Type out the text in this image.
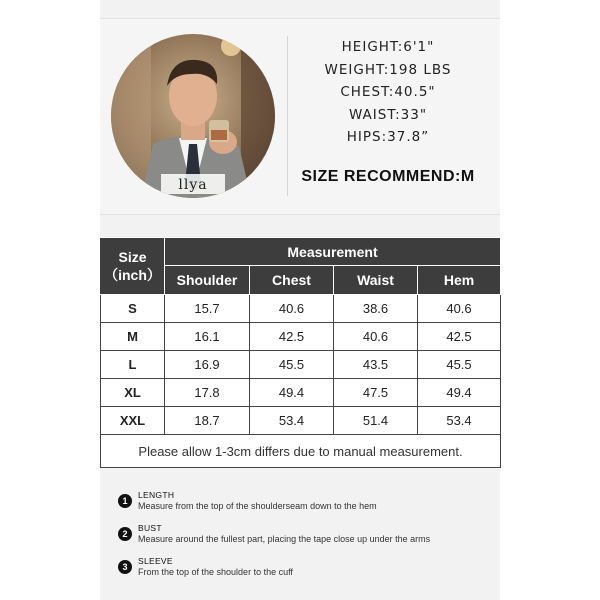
llya
HEIGHT:6'1"
WEIGHT:198 LBS
CHEST:40.5"
WAIST:33"
HIPS:37.8”
SIZE RECOMMEND:M
Size
（inch）	Measurement			
	Shoulder	Chest	Waist	Hem
S	15.7	40.6	38.6	40.6
M	16.1	42.5	40.6	42.5
L	16.9	45.5	43.5	45.5
XL	17.8	49.4	47.5	49.4
XXL	18.7	53.4	51.4	53.4
Please allow 1-3cm differs due to manual measurement.				
1
LENGTH
Measure from the top of the shoulderseam down to the hem
2
BUST
Measure around the fullest part, placing the tape close up under the arms
3
SLEEVE
From the top of the shoulder to the cuff
